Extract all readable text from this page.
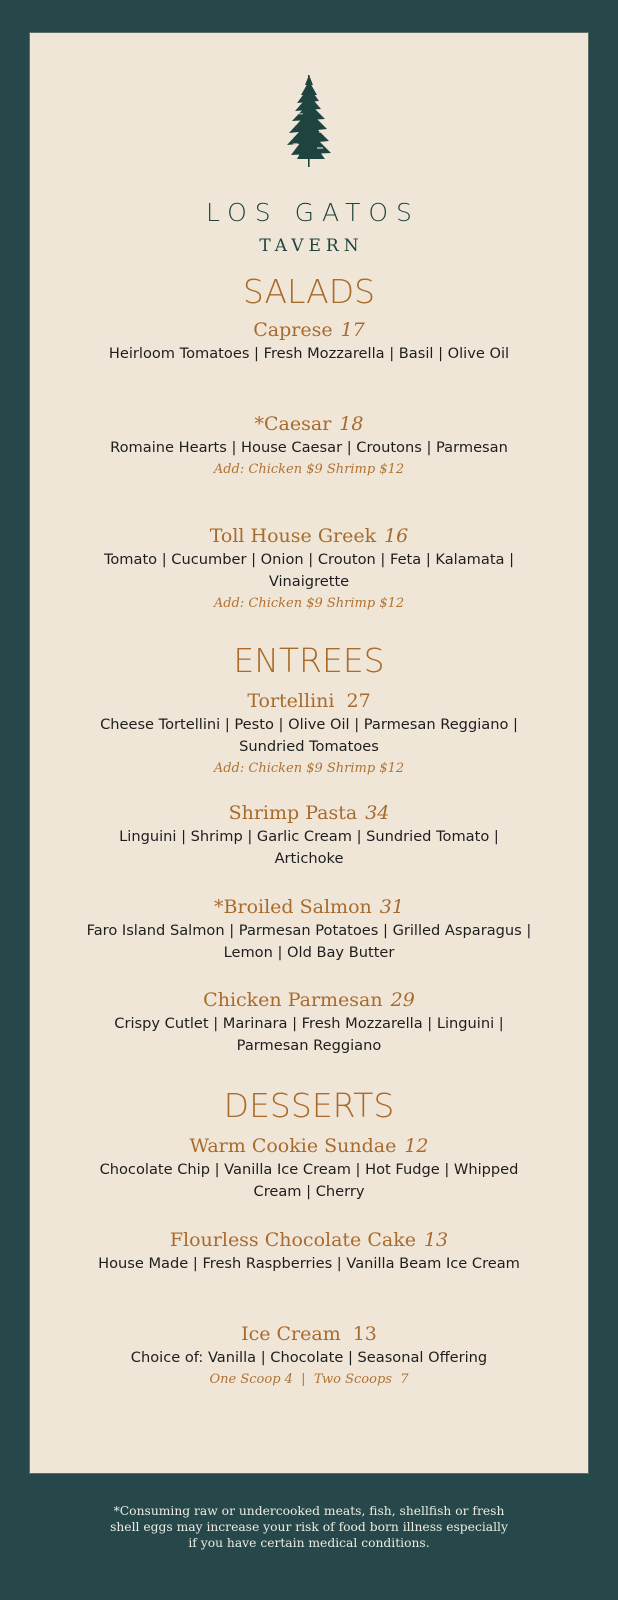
LOS GATOS
TAVERN
SALADS
Caprese 17
Heirloom Tomatoes | Fresh Mozzarella | Basil | Olive Oil
*Caesar 18
Romaine Hearts | House Caesar | Croutons | Parmesan
Add: Chicken $9 Shrimp $12
Toll House Greek 16
Tomato | Cucumber | Onion | Crouton | Feta | Kalamata | Vinaigrette
Add: Chicken $9 Shrimp $12
ENTREES
Tortellini 27
Cheese Tortellini | Pesto | Olive Oil | Parmesan Reggiano | Sundried Tomatoes
Add: Chicken $9 Shrimp $12
Shrimp Pasta 34
Linguini | Shrimp | Garlic Cream | Sundried Tomato | Artichoke
*Broiled Salmon 31
Faro Island Salmon | Parmesan Potatoes | Grilled Asparagus | Lemon | Old Bay Butter
Chicken Parmesan 29
Crispy Cutlet | Marinara | Fresh Mozzarella | Linguini | Parmesan Reggiano
DESSERTS
Warm Cookie Sundae 12
Chocolate Chip | Vanilla Ice Cream | Hot Fudge | Whipped Cream | Cherry
Flourless Chocolate Cake 13
House Made | Fresh Raspberries | Vanilla Beam Ice Cream
Ice Cream 13
Choice of: Vanilla | Chocolate | Seasonal Offering
One Scoop 4  |  Two Scoops  7
*Consuming raw or undercooked meats, fish, shellfish or fresh shell eggs may increase your risk of food born illness especially if you have certain medical conditions.
